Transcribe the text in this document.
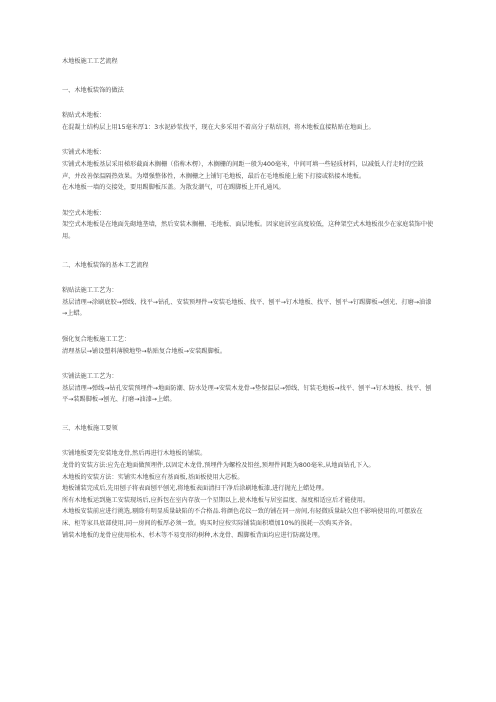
木地板施工工艺流程
一、木地板装饰的做法

粘贴式木地板：

在混凝土结构层上用15毫米厚1：3水泥砂浆找平，现在大多采用不着高分子粘结剂，将木地板直接粘贴在地面上。

实铺式木地板：

实铺式木地板基层采用梯形截面木搁栅（俗称木楞），木搁栅的间距一般为400毫米，中间可填一些轻质材料，以减低人行走时的空鼓声，并改善保温隔热效果。为增强整体性，木搁栅之上铺钉毛地板，最后在毛地板能上能下打接或粘接木地板。

在木地板一墙的交接处，要用踢脚板压盖。为散发潮气，可在踢脚板上开孔通风。

架空式木地板：

架空式木地板是在地面先砌地垄墙，然后安装木搁栅、毛地板、面层地板。因家庭居室高度较低，这种架空式木地板很少在家庭装饰中使用。

二、木地板装饰的基本工艺流程

粘贴法施工工艺为：

基层清理→涂刷底胶→弹线、找平→钻孔、安装预埋件→安装毛地板、找平、刨平→钉木地板、找平、刨平→钉踢脚板→刨光、打磨→油漆→上蜡。

强化复合地板施工工艺：

清理基层→铺设塑料薄膜地垫→粘贴复合地板→安装踢脚板。

实铺法施工工艺为：

基层清理→弹线→钻孔安装预埋件→地面防潮、防水处理→安装木龙骨→垫保温层→弹线、钉装毛地板→找平、刨平→钉木地板、找平、刨平→装踢脚板→刨光、打磨→油漆→上蜡。

三、木地板施工要领

实铺地板要先安装地龙骨,然后再进行木地板的铺装。

龙骨的安装方法:应先在地面做预埋件,以固定木龙骨,预埋件为螺栓及铅丝,预埋件间距为800毫米,从地面钻孔下入。

木地板的安装方法：实铺实木地板应有基面板,基面板使用大芯板。

地板铺装完成后,先用刨子将表面刨平刨光,将地板表面清扫干净后涂刷地板漆,进行抛光上蜡处理。

所有木地板运到施工安装现场后,应拆包在室内存放一个星期以上,使木地板与居室温度、湿度相适应后才能使用。

木地板安装前应进行挑选,剔除有明显质量缺陷的不合格品.将颜色花纹一致的铺在同一房间,有轻微质量缺欠但不影响使用的,可摆放在床、柜等家具底部使用,同一房间的板厚必须一致。购买时应按实际铺装面积增加10%的损耗一次购买齐备。

铺装木地板的龙骨应使用松木、杉木等不易变形的树种,木龙骨、踢脚板背面均应进行防腐处理。
